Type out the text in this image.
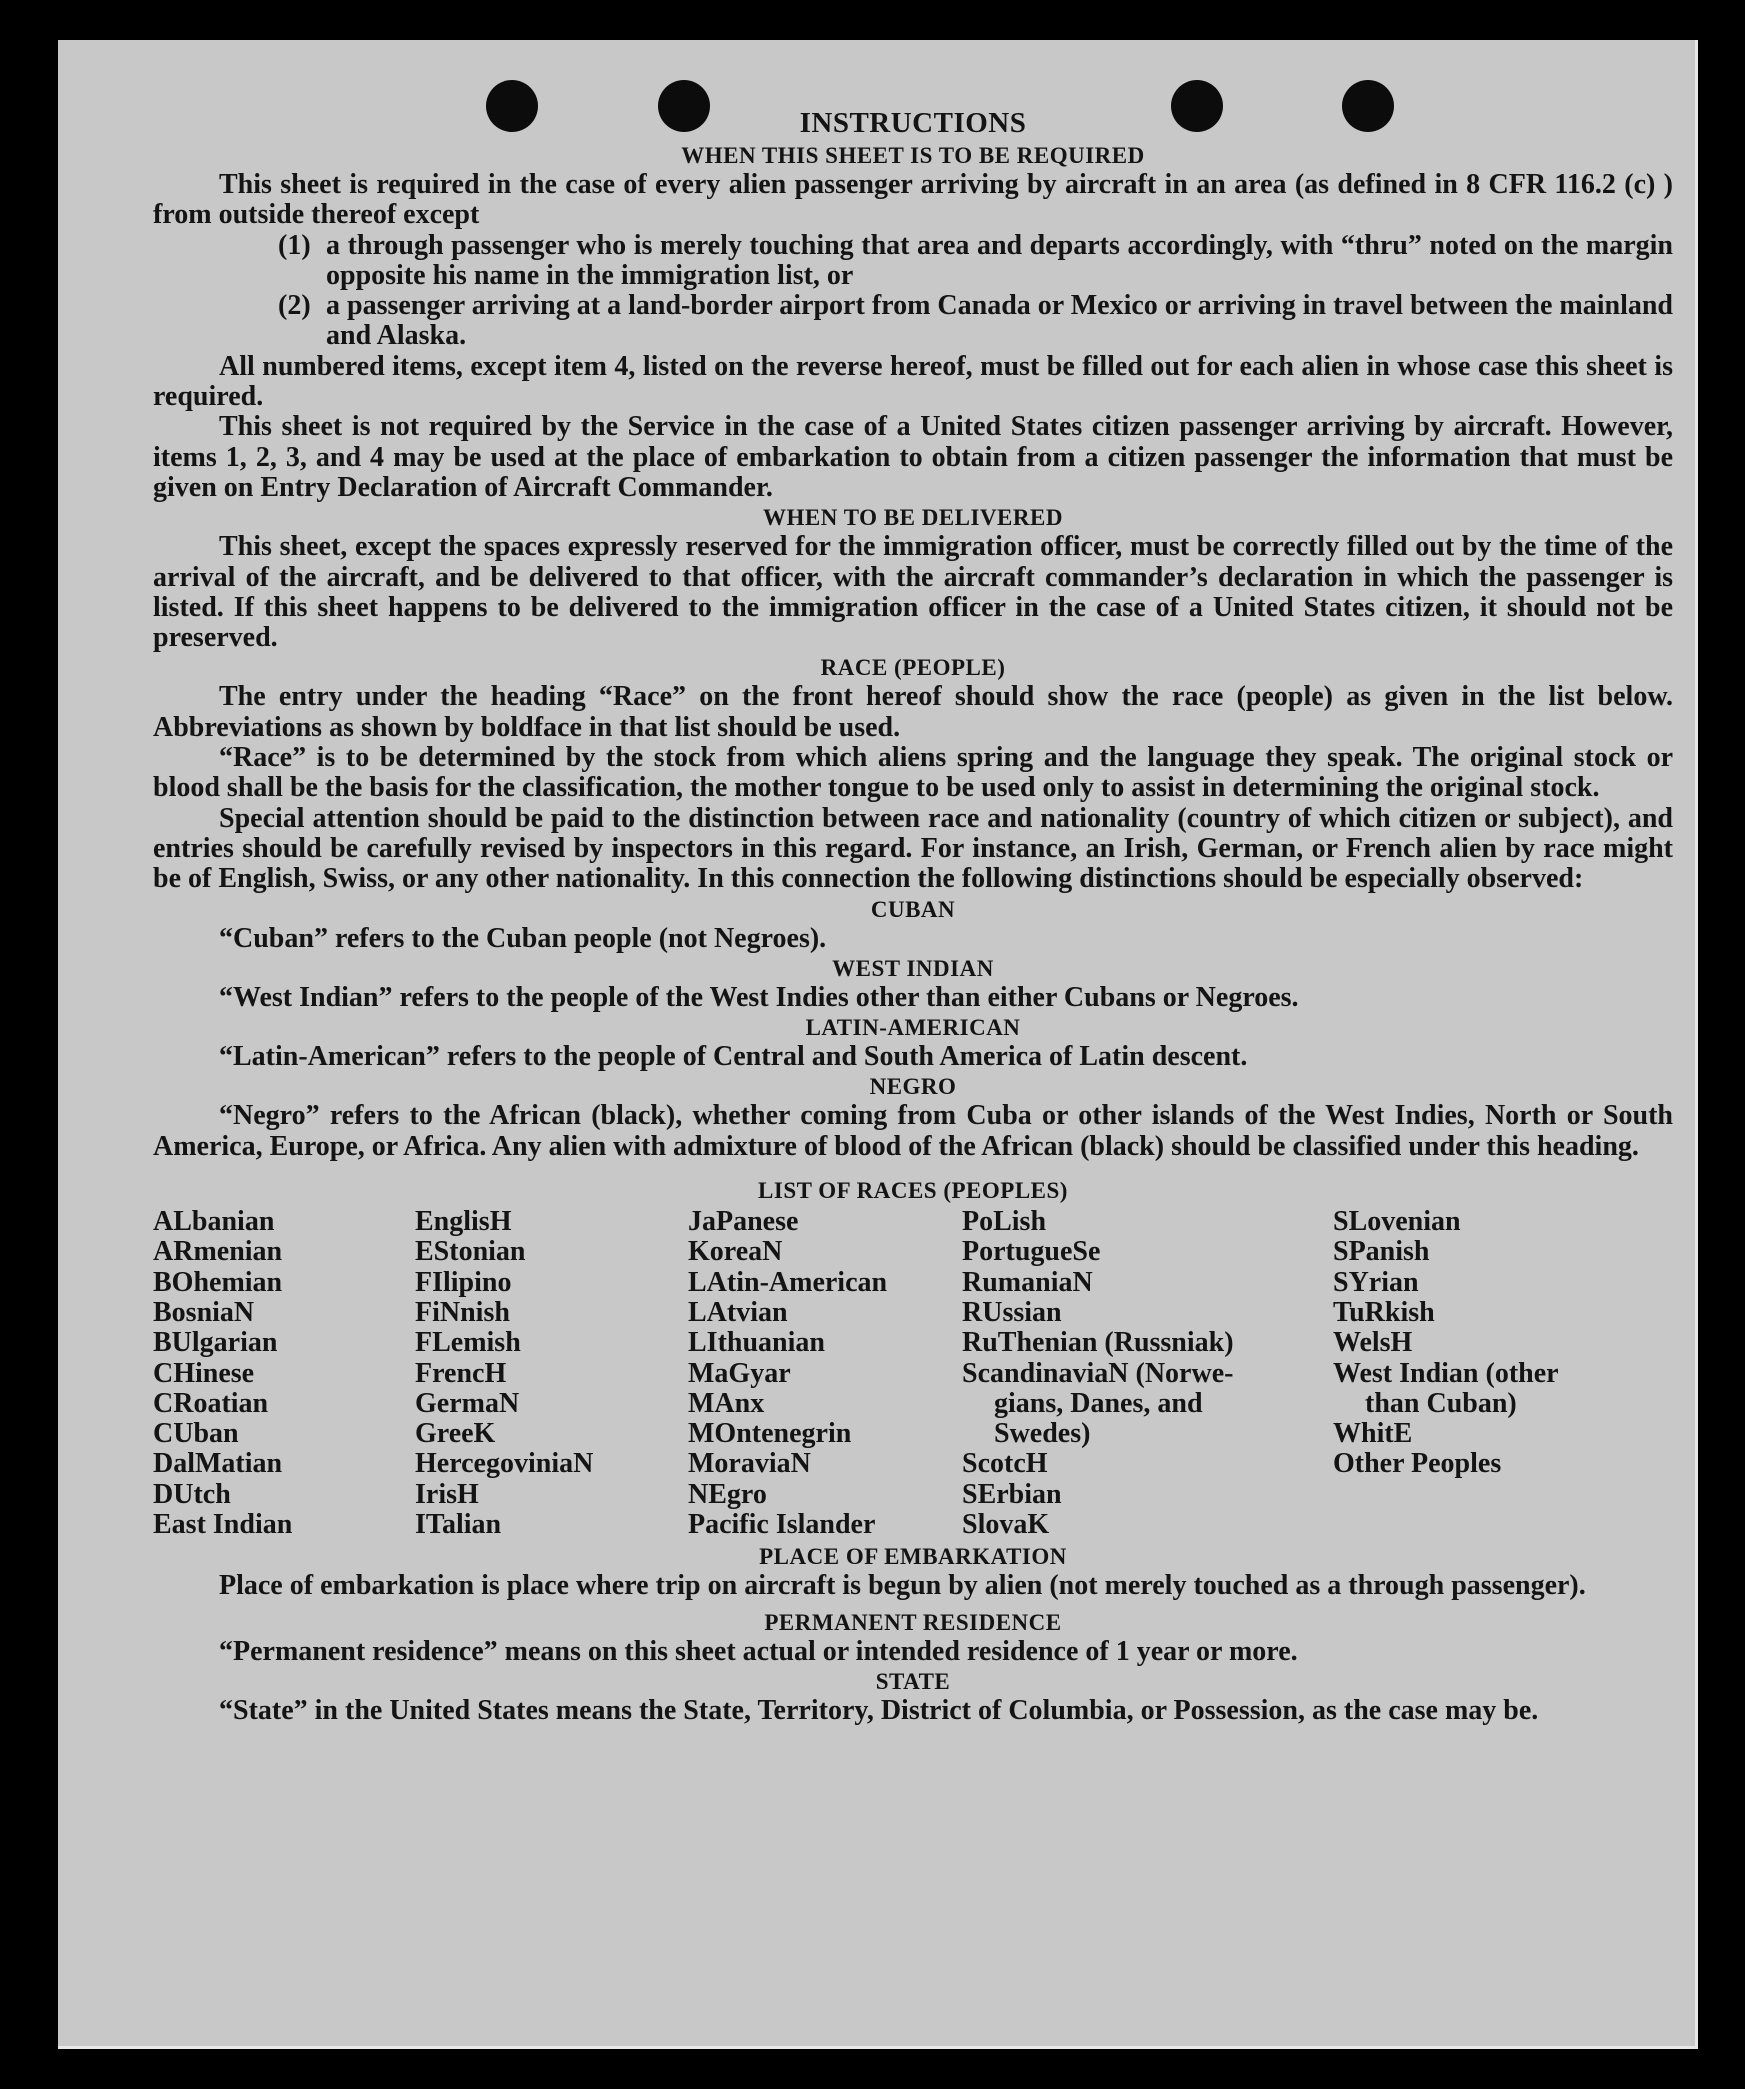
INSTRUCTIONS
WHEN THIS SHEET IS TO BE REQUIRED

This sheet is required in the case of every alien passenger arriving by aircraft in an area (as defined in 8 CFR 116.2 (c) ) from outside thereof except

(1) a through passenger who is merely touching that area and departs accordingly, with “thru” noted on the margin opposite his name in the immigration list, or
(2) a passenger arriving at a land-border airport from Canada or Mexico or arriving in travel between the mainland and Alaska.

All numbered items, except item 4, listed on the reverse hereof, must be filled out for each alien in whose case this sheet is required.

This sheet is not required by the Service in the case of a United States citizen passenger arriving by aircraft. However, items 1, 2, 3, and 4 may be used at the place of embarkation to obtain from a citizen passenger the information that must be given on Entry Declaration of Aircraft Commander.

WHEN TO BE DELIVERED

This sheet, except the spaces expressly reserved for the immigration officer, must be correctly filled out by the time of the arrival of the aircraft, and be delivered to that officer, with the aircraft commander’s declaration in which the passenger is listed. If this sheet happens to be delivered to the immigration officer in the case of a United States citizen, it should not be preserved.

RACE (PEOPLE)

The entry under the heading “Race” on the front hereof should show the race (people) as given in the list below. Abbreviations as shown by boldface in that list should be used.

“Race” is to be determined by the stock from which aliens spring and the language they speak. The original stock or blood shall be the basis for the classification, the mother tongue to be used only to assist in determining the original stock.

Special attention should be paid to the distinction between race and nationality (country of which citizen or subject), and entries should be carefully revised by inspectors in this regard. For instance, an Irish, German, or French alien by race might be of English, Swiss, or any other nationality. In this connection the following distinctions should be especially observed:

CUBAN
“Cuban” refers to the Cuban people (not Negroes).
WEST INDIAN
“West Indian” refers to the people of the West Indies other than either Cubans or Negroes.
LATIN-AMERICAN
“Latin-American” refers to the people of Central and South America of Latin descent.
NEGRO

“Negro” refers to the African (black), whether coming from Cuba or other islands of the West Indies, North or South America, Europe, or Africa. Any alien with admixture of blood of the African (black) should be classified under this heading.

LIST OF RACES (PEOPLES)
ALbanian
ARmenian
BOhemian
BosniaN
BUlgarian
CHinese
CRoatian
CUban
DalMatian
DUtch
East Indian
EnglisH
EStonian
FIlipino
FiNnish
FLemish
FrencH
GermaN
GreeK
HercegoviniaN
IrisH
ITalian
JaPanese
KoreaN
LAtin-American
LAtvian
LIthuanian
MaGyar
MAnx
MOntenegrin
MoraviaN
NEgro
Pacific Islander
PoLish
PortugueSe
RumaniaN
RUssian
RuThenian (Russniak)
ScandinaviaN (Norwe-
gians, Danes, and
Swedes)
ScotcH
SErbian
SlovaK
SLovenian
SPanish
SYrian
TuRkish
WelsH
West Indian (other
than Cuban)
WhitE
Other Peoples
PLACE OF EMBARKATION

Place of embarkation is place where trip on aircraft is begun by alien (not merely touched as a through passenger).

PERMANENT RESIDENCE
“Permanent residence” means on this sheet actual or intended residence of 1 year or more.
STATE

“State” in the United States means the State, Territory, District of Columbia, or Possession, as the case may be.
